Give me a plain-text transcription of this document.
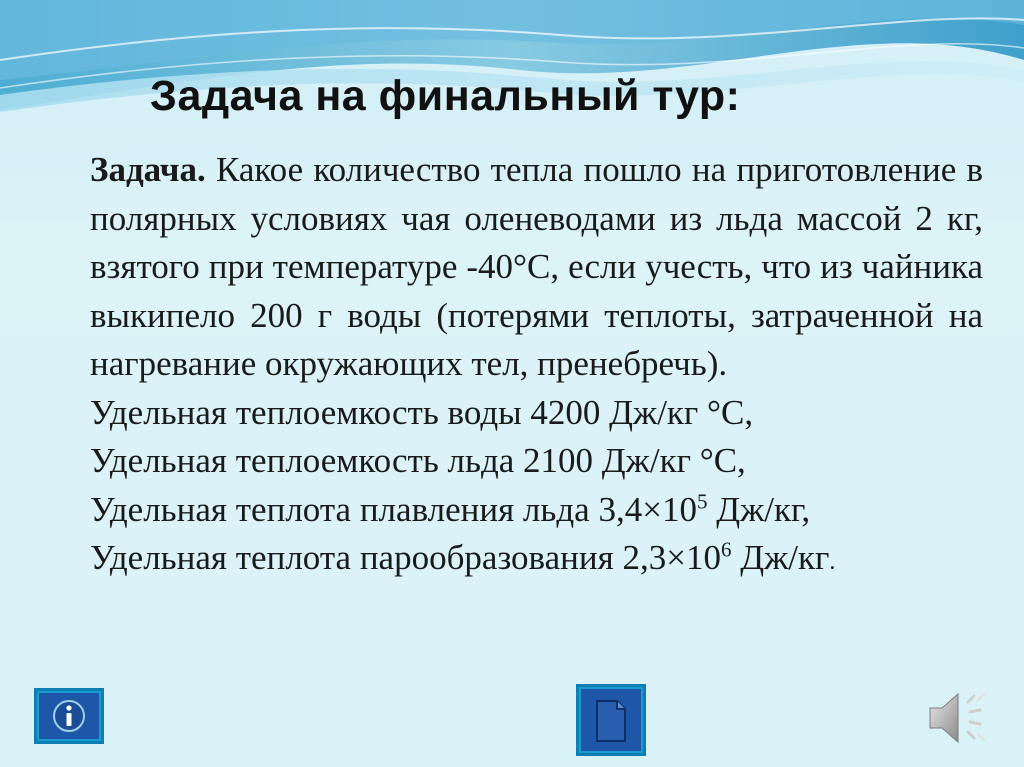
Задача на финальный тур:
Задача. Какое количество тепла пошло на приготовление в полярных условиях чая оленеводами из льда массой 2 кг, взятого при температуре -40°С, если учесть, что из чайника выкипело 200 г воды (потерями теплоты, затраченной на нагревание окружающих тел, пренебречь).
Удельная теплоемкость воды 4200 Дж/кг °С,
Удельная теплоемкость льда 2100 Дж/кг °С,
Удельная теплота плавления льда $3,4\times 10^5$ Дж/кг,
Удельная теплота парообразования $2,3\times 10^6$ Дж/кг.
